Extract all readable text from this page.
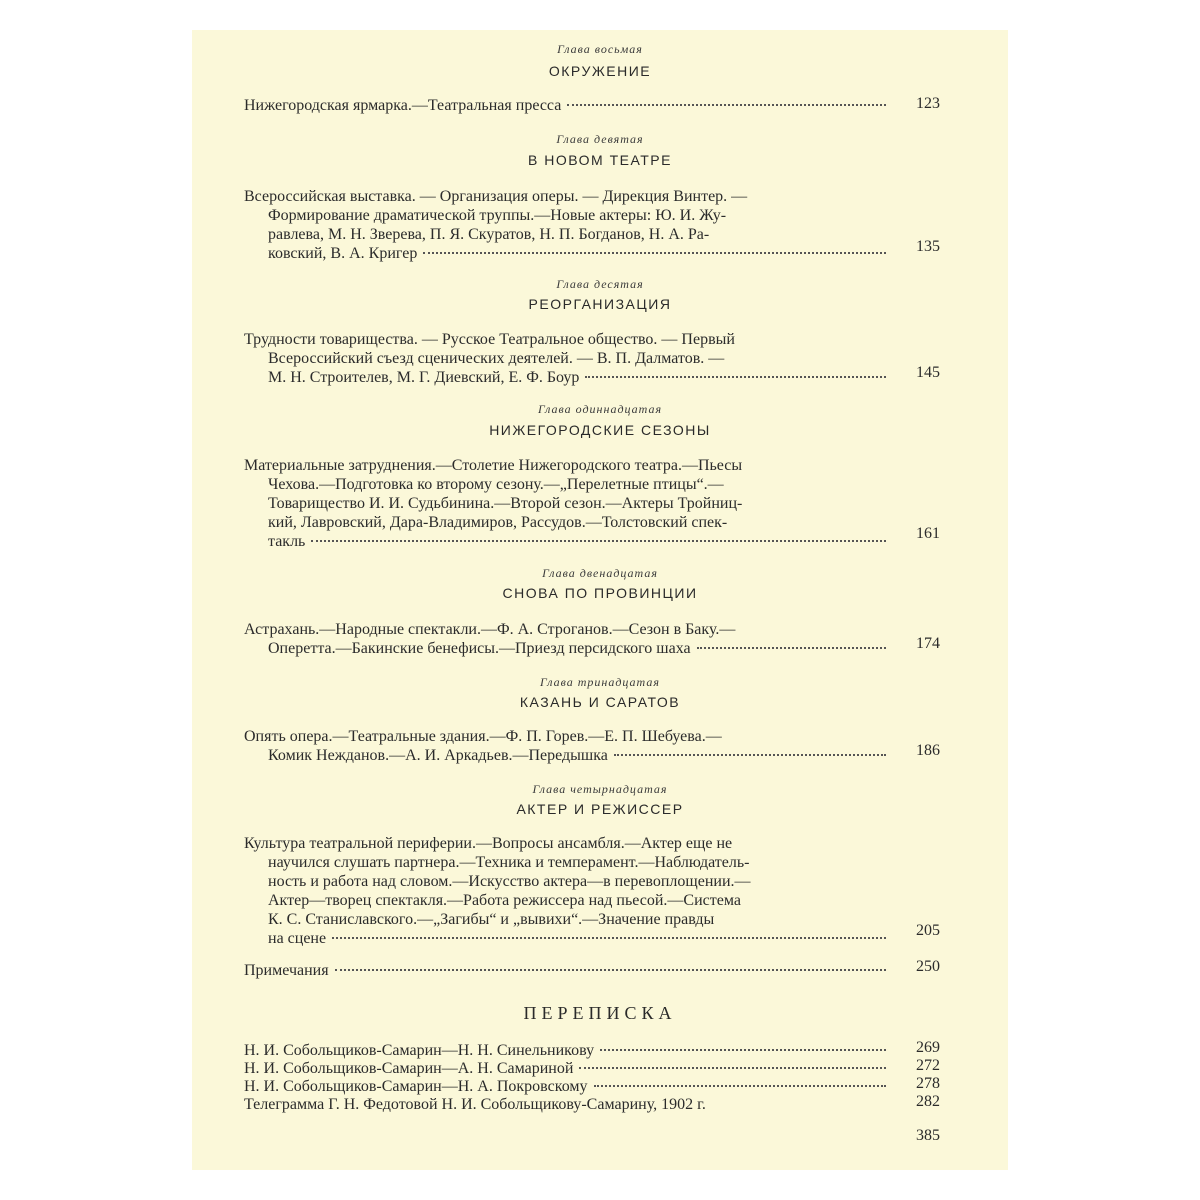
Глава восьмая
ОКРУЖЕНИЕ
Нижегородская ярмарка.—Театральная пресса	123
Глава девятая
В НОВОМ ТЕАТРЕ
Всероссийская выставка. — Организация оперы. — Дирекция Винтер. —
Формирование драматической труппы.—Новые актеры: Ю. И. Жу-
равлева, М. Н. Зверева, П. Я. Скуратов, Н. П. Богданов, Н. А. Ра-
ковский, В. А. Кригер	135
Глава десятая
РЕОРГАНИЗАЦИЯ
Трудности товарищества. — Русское Театральное общество. — Первый
Всероссийский съезд сценических деятелей. — В. П. Далматов. —
М. Н. Строителев, М. Г. Диевский, Е. Ф. Боур	145
Глава одиннадцатая
НИЖЕГОРОДСКИЕ СЕЗОНЫ
Материальные затруднения.—Столетие Нижегородского театра.—Пьесы
Чехова.—Подготовка ко второму сезону.—„Перелетные птицы“.—
Товарищество И. И. Судьбинина.—Второй сезон.—Актеры Тройниц-
кий, Лавровский, Дара-Владимиров, Рассудов.—Толстовский спек-
такль	161
Глава двенадцатая
СНОВА ПО ПРОВИНЦИИ
Астрахань.—Народные спектакли.—Ф. А. Строганов.—Сезон в Баку.—
Оперетта.—Бакинские бенефисы.—Приезд персидского шаха	174
Глава тринадцатая
КАЗАНЬ И САРАТОВ
Опять опера.—Театральные здания.—Ф. П. Горев.—Е. П. Шебуева.—
Комик Нежданов.—А. И. Аркадьев.—Передышка	186
Глава четырнадцатая
АКТЕР И РЕЖИССЕР
Культура театральной периферии.—Вопросы ансамбля.—Актер еще не
научился слушать партнера.—Техника и темперамент.—Наблюдатель-
ность и работа над словом.—Искусство актера—в перевоплощении.—
Актер—творец спектакля.—Работа режиссера над пьесой.—Система
К. С. Станиславского.—„Загибы“ и „вывихи“.—Значение правды
на сцене	205
Примечания	250
ПЕРЕПИСКА
Н. И. Собольщиков-Самарин—Н. Н. Синельникову	269
Н. И. Собольщиков-Самарин—А. Н. Самариной	272
Н. И. Собольщиков-Самарин—Н. А. Покровскому	278
Телеграмма Г. Н. Федотовой Н. И. Собольщикову-Самарину, 1902 г.	282
385
